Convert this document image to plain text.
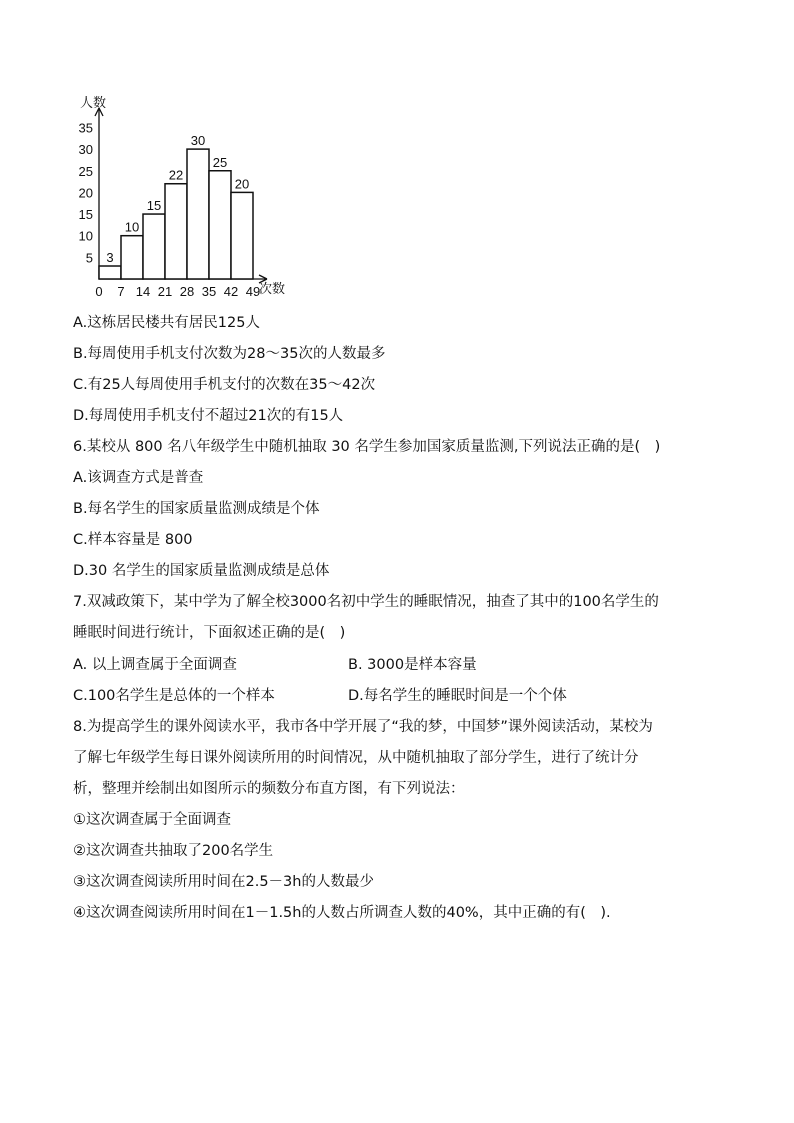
人数
次数
5
10
15
20
25
30
35
0 7 14 21 28 35 42 49
3
10
15
22
30
25
20
A.这栋居民楼共有居民125人
B.每周使用手机支付次数为28～35次的人数最多
C.有25人每周使用手机支付的次数在35～42次
D.每周使用手机支付不超过21次的有15人
6.某校从 800 名八年级学生中随机抽取 30 名学生参加国家质量监测,下列说法正确的是(　)
A.该调查方式是普查
B.每名学生的国家质量监测成绩是个体
C.样本容量是 800
D.30 名学生的国家质量监测成绩是总体
7.双减政策下，某中学为了解全校3000名初中学生的睡眠情况，抽查了其中的100名学生的
睡眠时间进行统计，下面叙述正确的是(　)
A. 以上调查属于全面调查	B. 3000是样本容量
C.100名学生是总体的一个样本	D.每名学生的睡眠时间是一个个体
8.为提高学生的课外阅读水平，我市各中学开展了“我的梦，中国梦”课外阅读活动，某校为
了解七年级学生每日课外阅读所用的时间情况，从中随机抽取了部分学生，进行了统计分
析，整理并绘制出如图所示的频数分布直方图，有下列说法：
①这次调查属于全面调查
②这次调查共抽取了200名学生
③这次调查阅读所用时间在2.5－3h的人数最少
④这次调查阅读所用时间在1－1.5h的人数占所调查人数的40%，其中正确的有(　).
